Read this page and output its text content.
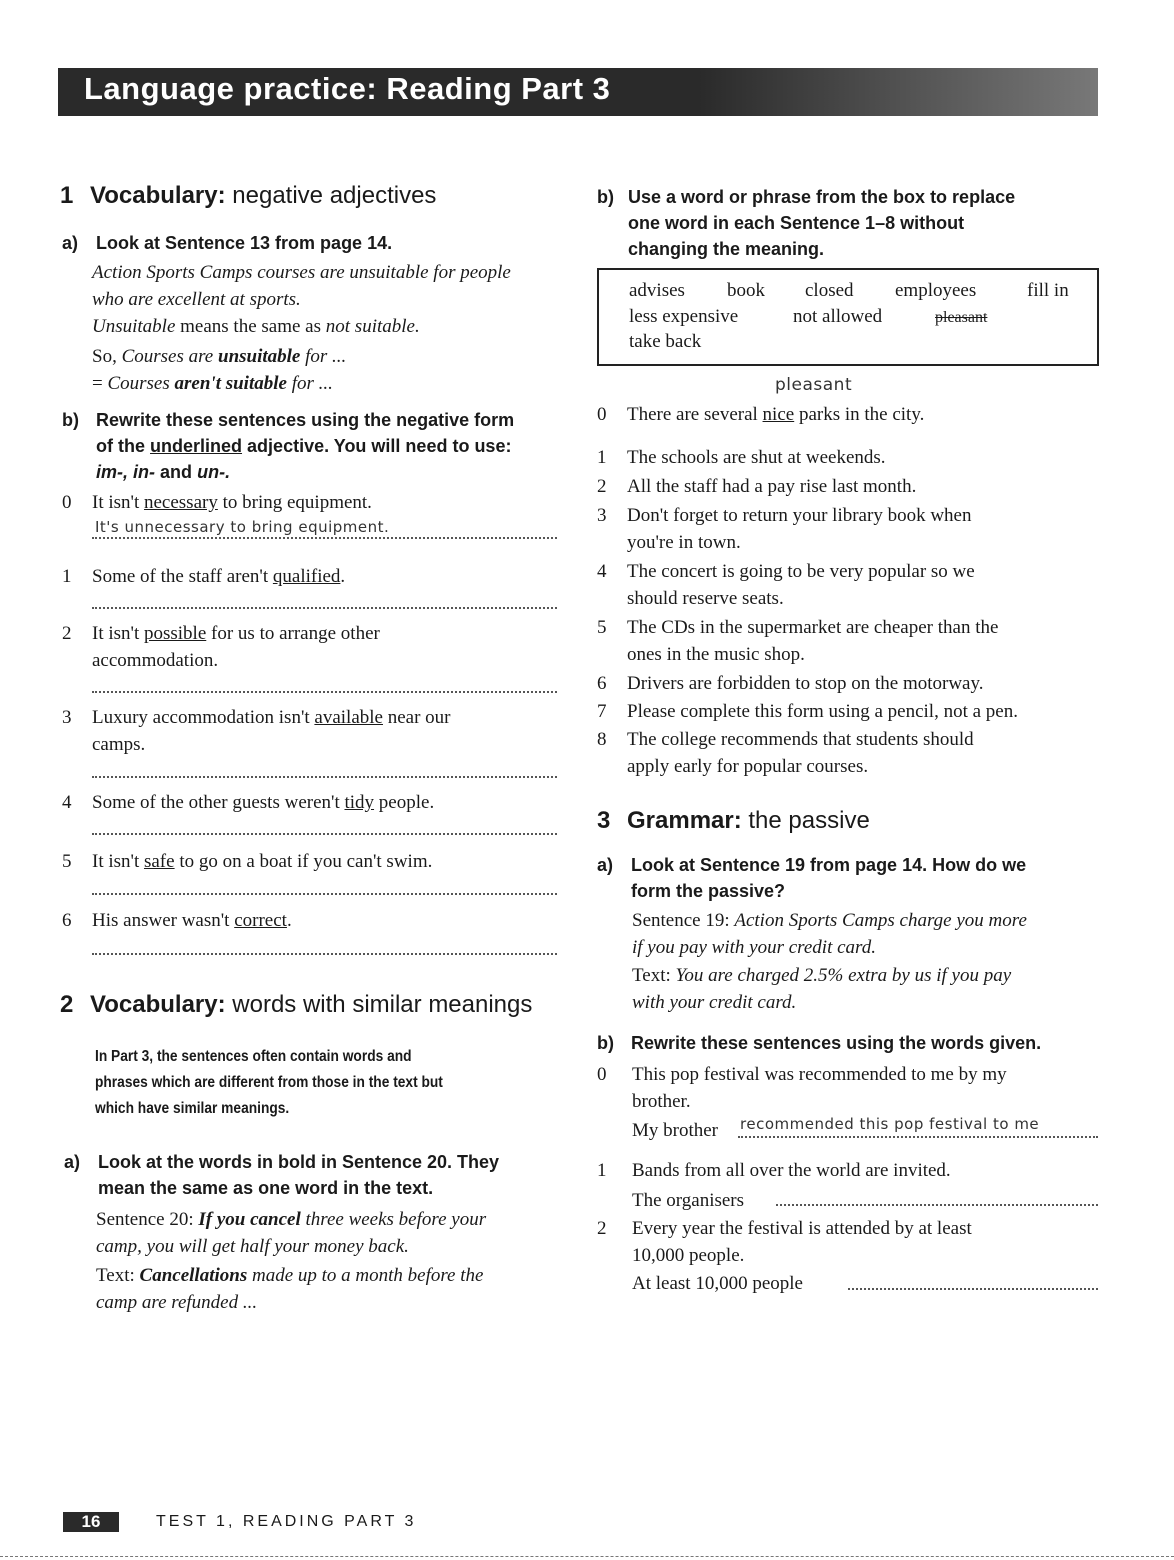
Language practice: Reading Part 3
1 Vocabulary: negative adjectives
a) Look at Sentence 13 from page 14.
Action Sports Camps courses are unsuitable for people
who are excellent at sports.
Unsuitable means the same as not suitable.
So, Courses are unsuitable for ...
= Courses aren't suitable for ...
b) Rewrite these sentences using the negative form
of the underlined adjective. You will need to use:
im-, in- and un-.
0 It isn't necessary to bring equipment.
It's unnecessary to bring equipment.
1 Some of the staff aren't qualified.
2 It isn't possible for us to arrange other
accommodation.
3 Luxury accommodation isn't available near our
camps.
4 Some of the other guests weren't tidy people.
5 It isn't safe to go on a boat if you can't swim.
6 His answer wasn't correct.
2 Vocabulary: words with similar meanings
In Part 3, the sentences often contain words and
phrases which are different from those in the text but
which have similar meanings.
a) Look at the words in bold in Sentence 20. They
mean the same as one word in the text.
Sentence 20: If you cancel three weeks before your
camp, you will get half your money back.
Text: Cancellations made up to a month before the
camp are refunded ...
b) Use a word or phrase from the box to replace
one word in each Sentence 1–8 without
changing the meaning.
advises book closed employees	fill in
less expensive	not allowed	pleasant
take back
pleasant
0 There are several nice parks in the city.
1 The schools are shut at weekends.
2 All the staff had a pay rise last month.
3 Don't forget to return your library book when
you're in town.
4 The concert is going to be very popular so we
should reserve seats.
5 The CDs in the supermarket are cheaper than the
ones in the music shop.
6 Drivers are forbidden to stop on the motorway.
7 Please complete this form using a pencil, not a pen.
8 The college recommends that students should
apply early for popular courses.
3 Grammar: the passive
a) Look at Sentence 19 from page 14. How do we
form the passive?
Sentence 19: Action Sports Camps charge you more
if you pay with your credit card.
Text: You are charged 2.5% extra by us if you pay
with your credit card.
b) Rewrite these sentences using the words given.
0 This pop festival was recommended to me by my
brother.
My brother recommended this pop festival to me
1 Bands from all over the world are invited.
The organisers
2 Every year the festival is attended by at least
10,000 people.
At least 10,000 people
16	TEST 1, READING PART 3
